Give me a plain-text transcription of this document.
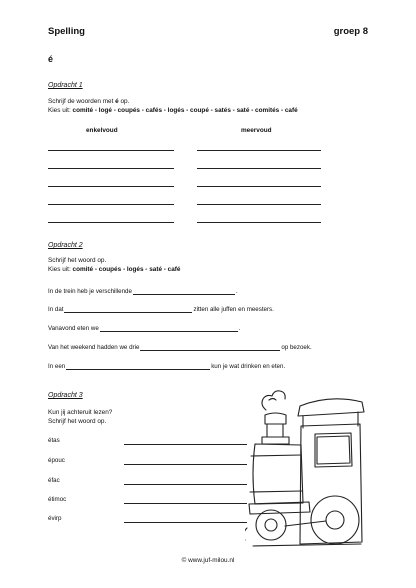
Spelling	groep 8
é
Opdracht 1
Schrijf de woorden met é op.
Kies uit: comité - logé - coupés - cafés - logés - coupé - satés - saté - comités - café
enkelvoud	meervoud
Opdracht 2
Schrijf het woord op.
Kies uit: comité - coupés - logés - saté - café
In de trein heb je verschillende	.
In dat	zitten alle juffen en meesters.
Vanavond eten we	.
Van het weekend hadden we drie	op bezoek.
In een	kun je wat drinken en eten.
Opdracht 3
Kun jij achteruit lezen?
Schrijf het woord op.
étas
épouc
éfac
étimoc
évirp
© www.juf-milou.nl
